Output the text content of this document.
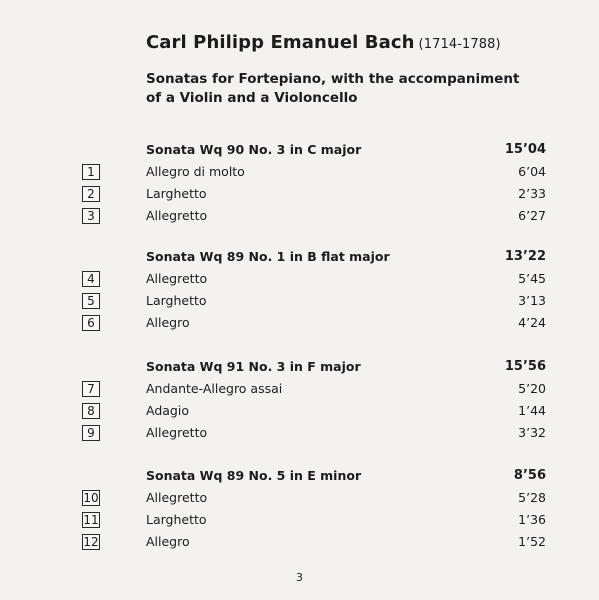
Carl Philipp Emanuel Bach (1714-1788)
Sonatas for Fortepiano, with the accompaniment
of a Violin and a Violoncello
Sonata Wq 90 No. 3 in C major	15’04
1	Allegro di molto	6’04
2	Larghetto	2’33
3	Allegretto	6’27
Sonata Wq 89 No. 1 in B flat major	13’22
4	Allegretto	5’45
5	Larghetto	3’13
6	Allegro	4’24
Sonata Wq 91 No. 3 in F major	15’56
7	Andante-Allegro assai	5’20
8	Adagio	1’44
9	Allegretto	3’32
Sonata Wq 89 No. 5 in E minor	8’56
10	Allegretto	5’28
11	Larghetto	1’36
12	Allegro	1’52
3
